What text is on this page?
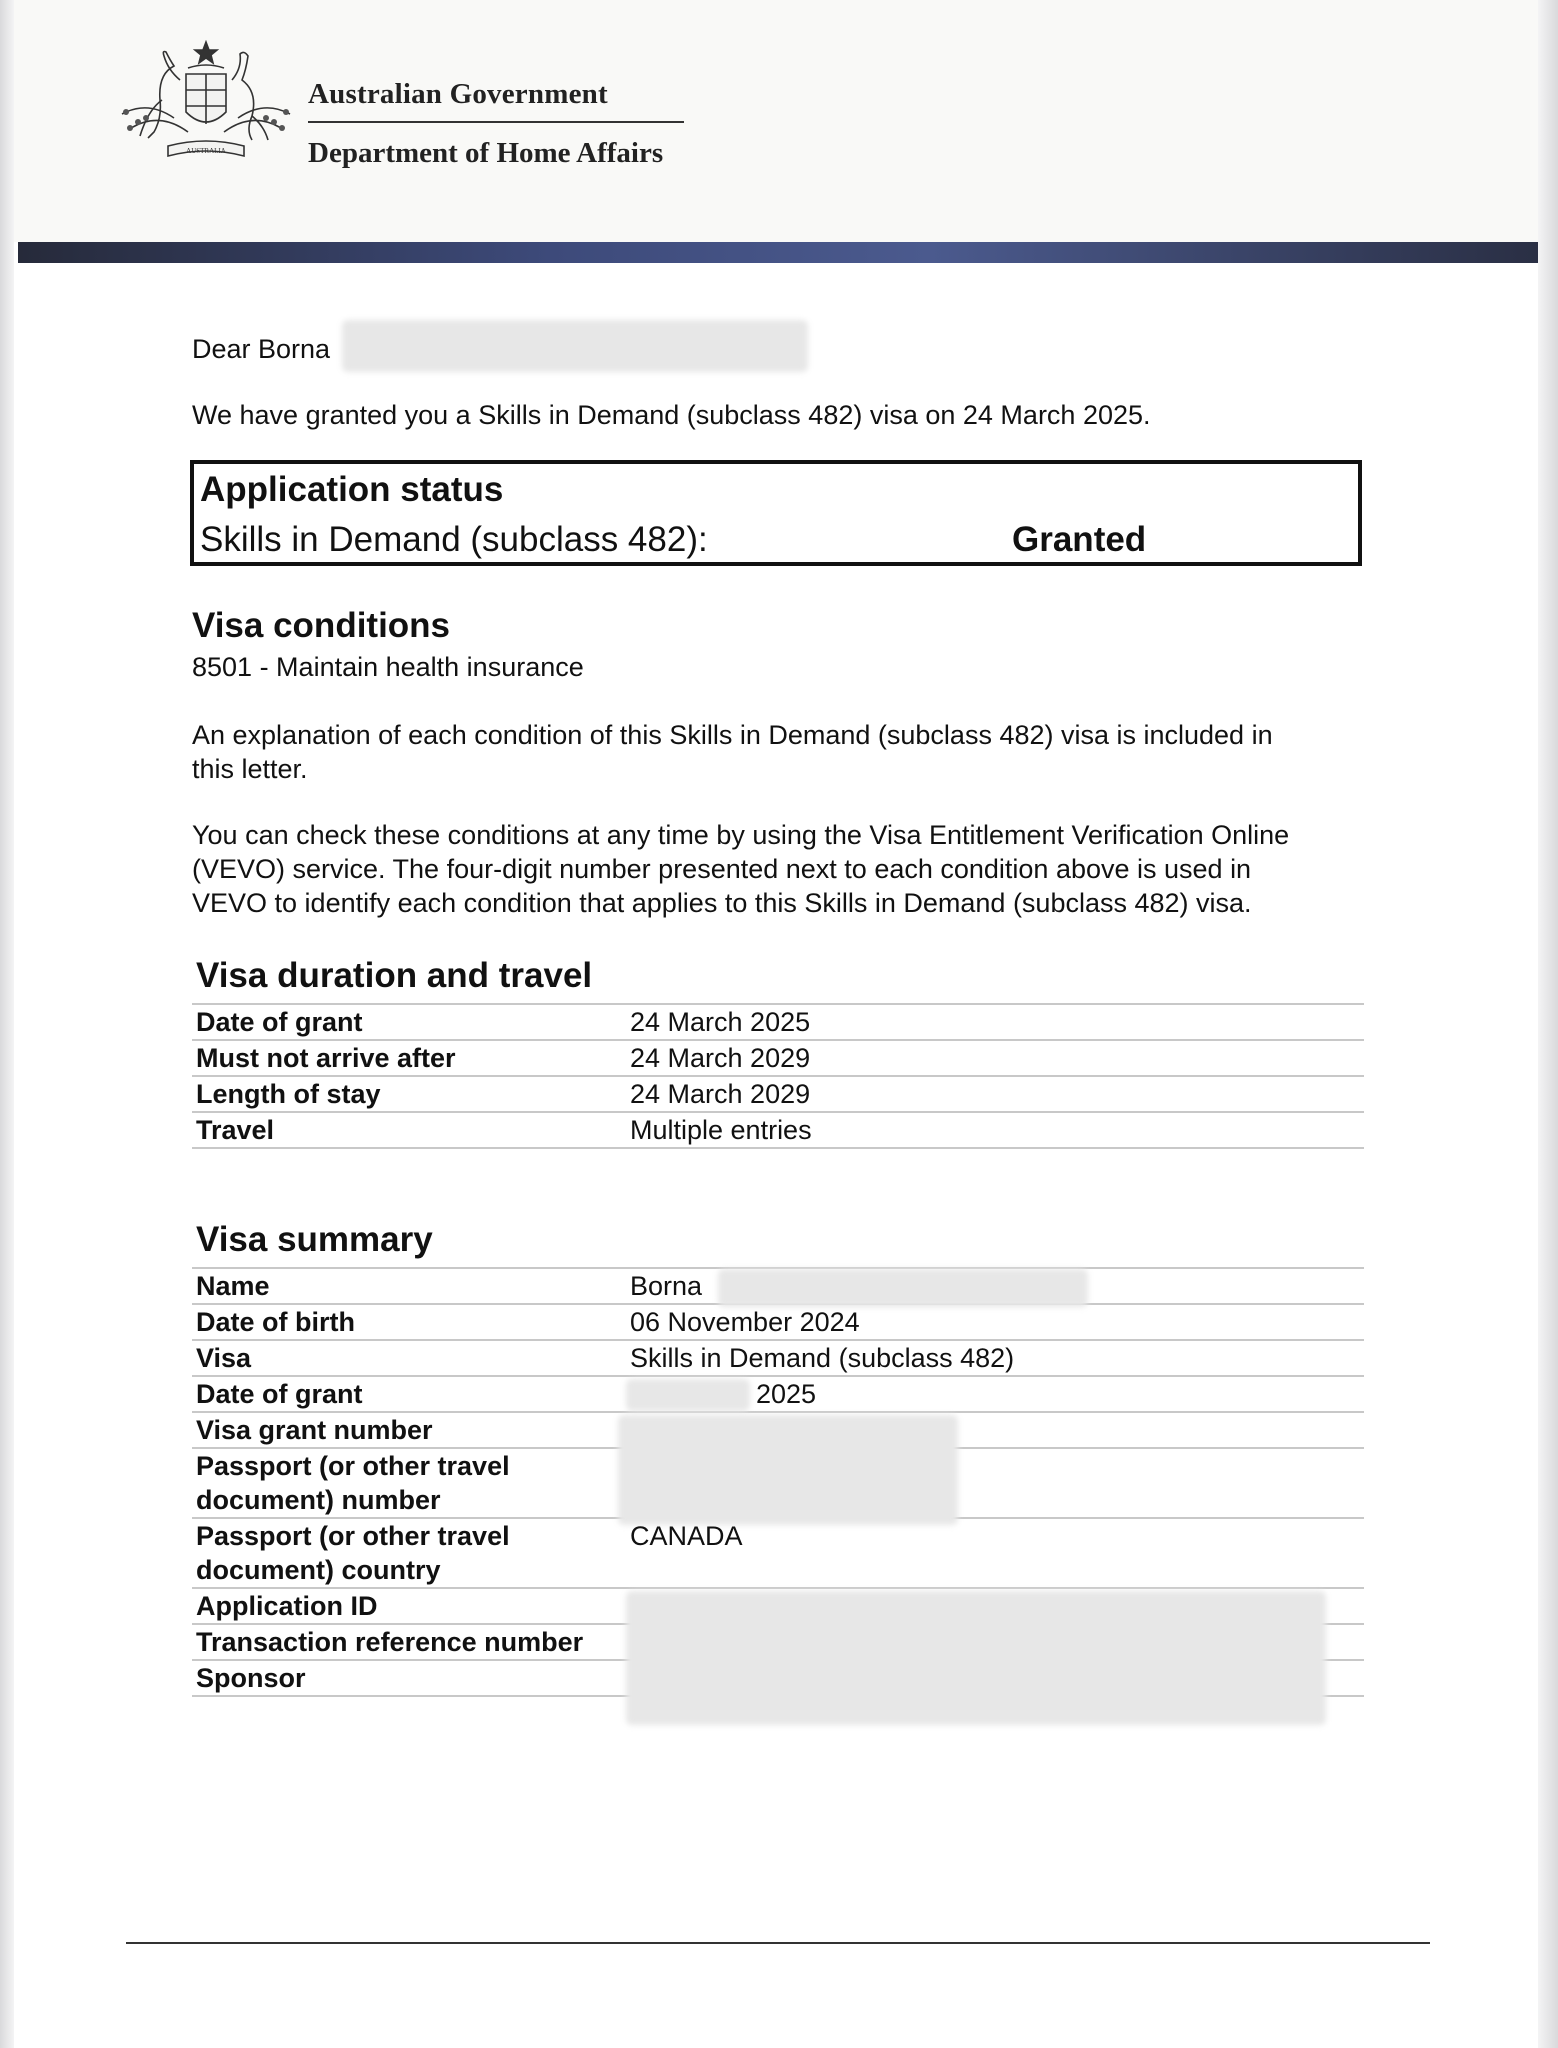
AUSTRALIA
Australian Government
Department of Home Affairs
Dear Borna
We have granted you a Skills in Demand (subclass 482) visa on 24 March 2025.
Application status
Skills in Demand (subclass 482):	Granted
Visa conditions
8501 - Maintain health insurance
An explanation of each condition of this Skills in Demand (subclass 482) visa is included in
this letter.
You can check these conditions at any time by using the Visa Entitlement Verification Online
(VEVO) service. The four-digit number presented next to each condition above is used in
VEVO to identify each condition that applies to this Skills in Demand (subclass 482) visa.
Visa duration and travel
Date of grant	24 March 2025
Must not arrive after	24 March 2029
Length of stay	24 March 2029
Travel	Multiple entries
Visa summary
Name	Borna

Date of birth	06 November 2024
Visa	Skills in Demand (subclass 482)
Date of grant	2025
Visa grant number	

Passport (or other travel
document) number	

Passport (or other travel
document) country	CANADA
Application ID	

Transaction reference number	
Sponsor	
